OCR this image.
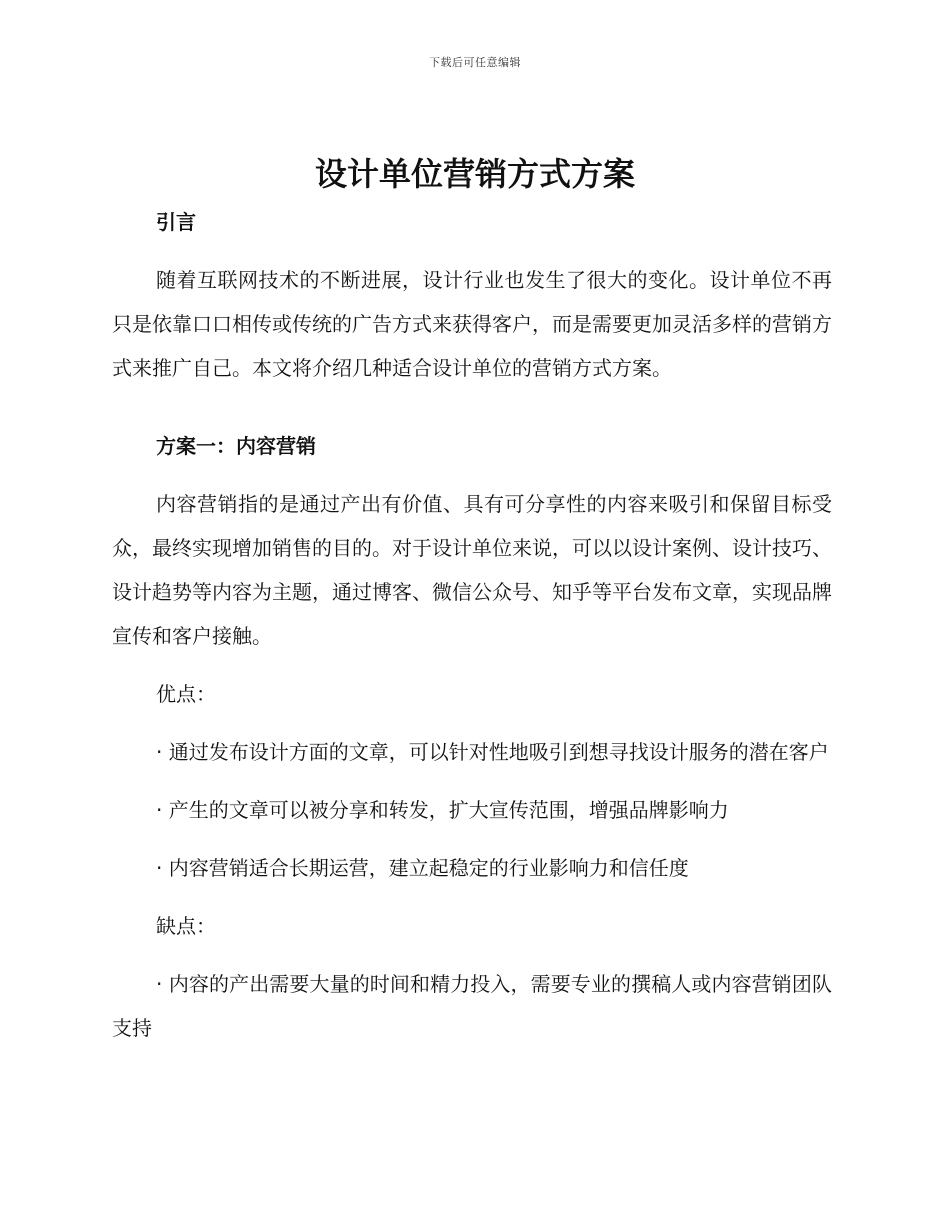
下载后可任意编辑
设计单位营销方式方案
引言

随着互联网技术的不断进展，设计行业也发生了很大的变化。设计单位不再只是依靠口口相传或传统的广告方式来获得客户，而是需要更加灵活多样的营销方式来推广自己。本文将介绍几种适合设计单位的营销方式方案。

方案一：内容营销

内容营销指的是通过产出有价值、具有可分享性的内容来吸引和保留目标受众，最终实现增加销售的目的。对于设计单位来说，可以以设计案例、设计技巧、设计趋势等内容为主题，通过博客、微信公众号、知乎等平台发布文章，实现品牌宣传和客户接触。

优点：

· 通过发布设计方面的文章，可以针对性地吸引到想寻找设计服务的潜在客户

· 产生的文章可以被分享和转发，扩大宣传范围，增强品牌影响力

· 内容营销适合长期运营，建立起稳定的行业影响力和信任度

缺点：

· 内容的产出需要大量的时间和精力投入，需要专业的撰稿人或内容营销团队支持
